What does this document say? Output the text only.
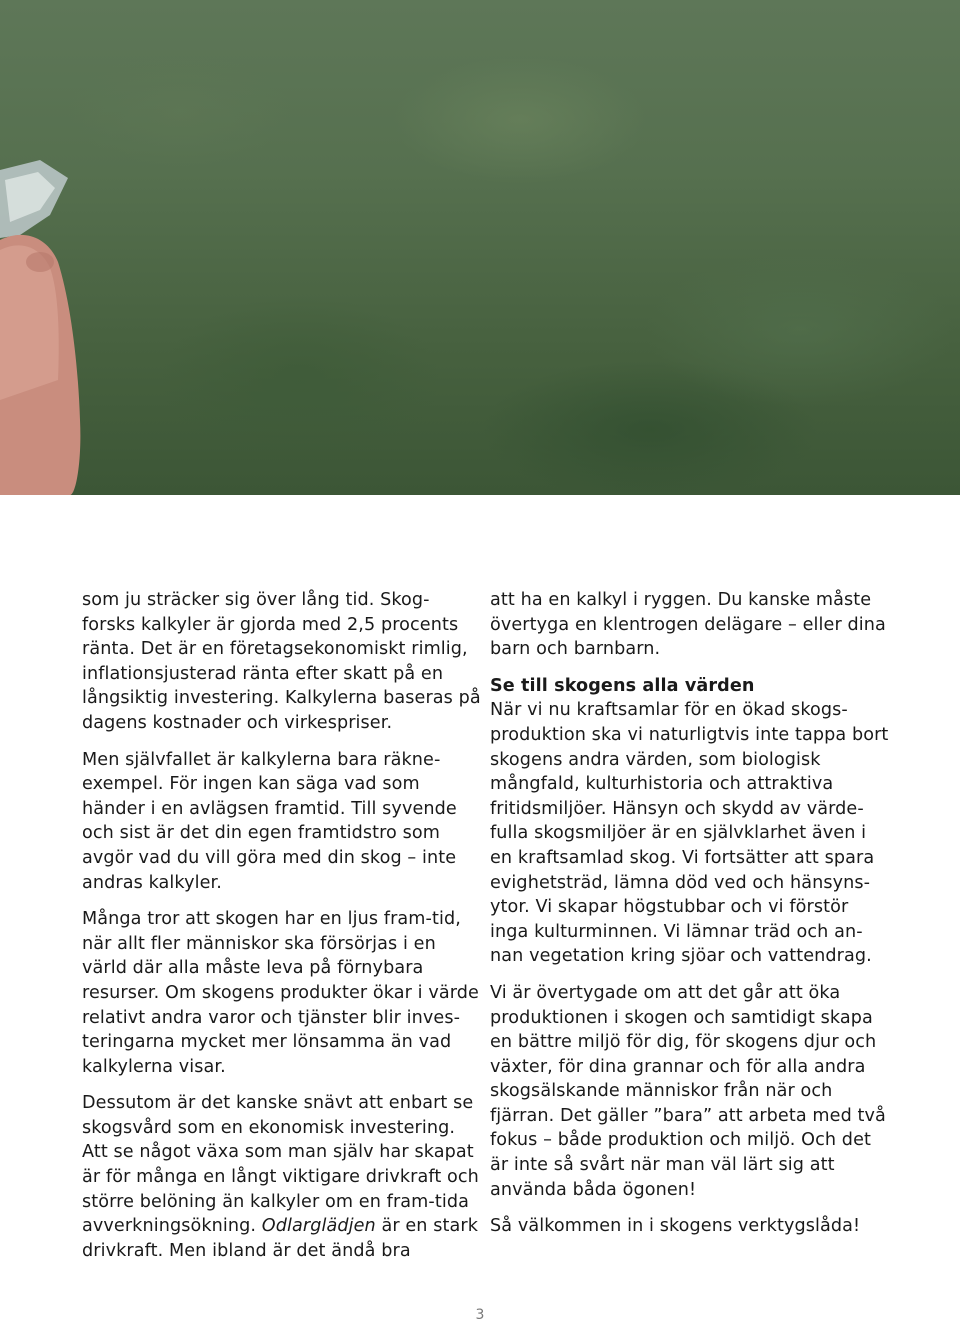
som ju sträcker sig över lång tid. Skog-forsks kalkyler är gjorda med 2,5 procents ränta. Det är en företagsekonomiskt rimlig, inflationsjusterad ränta efter skatt på en långsiktig investering. Kalkylerna baseras på dagens kostnader och virkespriser.

Men självfallet är kalkylerna bara räkne-exempel. För ingen kan säga vad som händer i en avlägsen framtid. Till syvende och sist är det din egen framtidstro som avgör vad du vill göra med din skog – inte andras kalkyler.

Många tror att skogen har en ljus fram-tid, när allt fler människor ska försörjas i en värld där alla måste leva på förnybara resurser. Om skogens produkter ökar i värde relativt andra varor och tjänster blir inves-teringarna mycket mer lönsamma än vad kalkylerna visar.

Dessutom är det kanske snävt att enbart se skogsvård som en ekonomisk investering. Att se något växa som man själv har skapat är för många en långt viktigare drivkraft och större belöning än kalkyler om en fram-tida avverkningsökning. Odlarglädjen är en stark drivkraft. Men ibland är det ändå bra

att ha en kalkyl i ryggen. Du kanske måste övertyga en klentrogen delägare – eller dina barn och barnbarn.

Se till skogens alla värden

När vi nu kraftsamlar för en ökad skogs-produktion ska vi naturligtvis inte tappa bort skogens andra värden, som biologisk mångfald, kulturhistoria och attraktiva fritidsmiljöer. Hänsyn och skydd av värde-fulla skogsmiljöer är en självklarhet även i en kraftsamlad skog. Vi fortsätter att spara evighetsträd, lämna död ved och hänsyns-ytor. Vi skapar högstubbar och vi förstör inga kulturminnen. Vi lämnar träd och an-nan vegetation kring sjöar och vattendrag.

Vi är övertygade om att det går att öka produktionen i skogen och samtidigt skapa en bättre miljö för dig, för skogens djur och växter, för dina grannar och för alla andra skogsälskande människor från när och fjärran. Det gäller ”bara” att arbeta med två fokus – både produktion och miljö. Och det är inte så svårt när man väl lärt sig att använda båda ögonen!

Så välkommen in i skogens verktygslåda!

3
